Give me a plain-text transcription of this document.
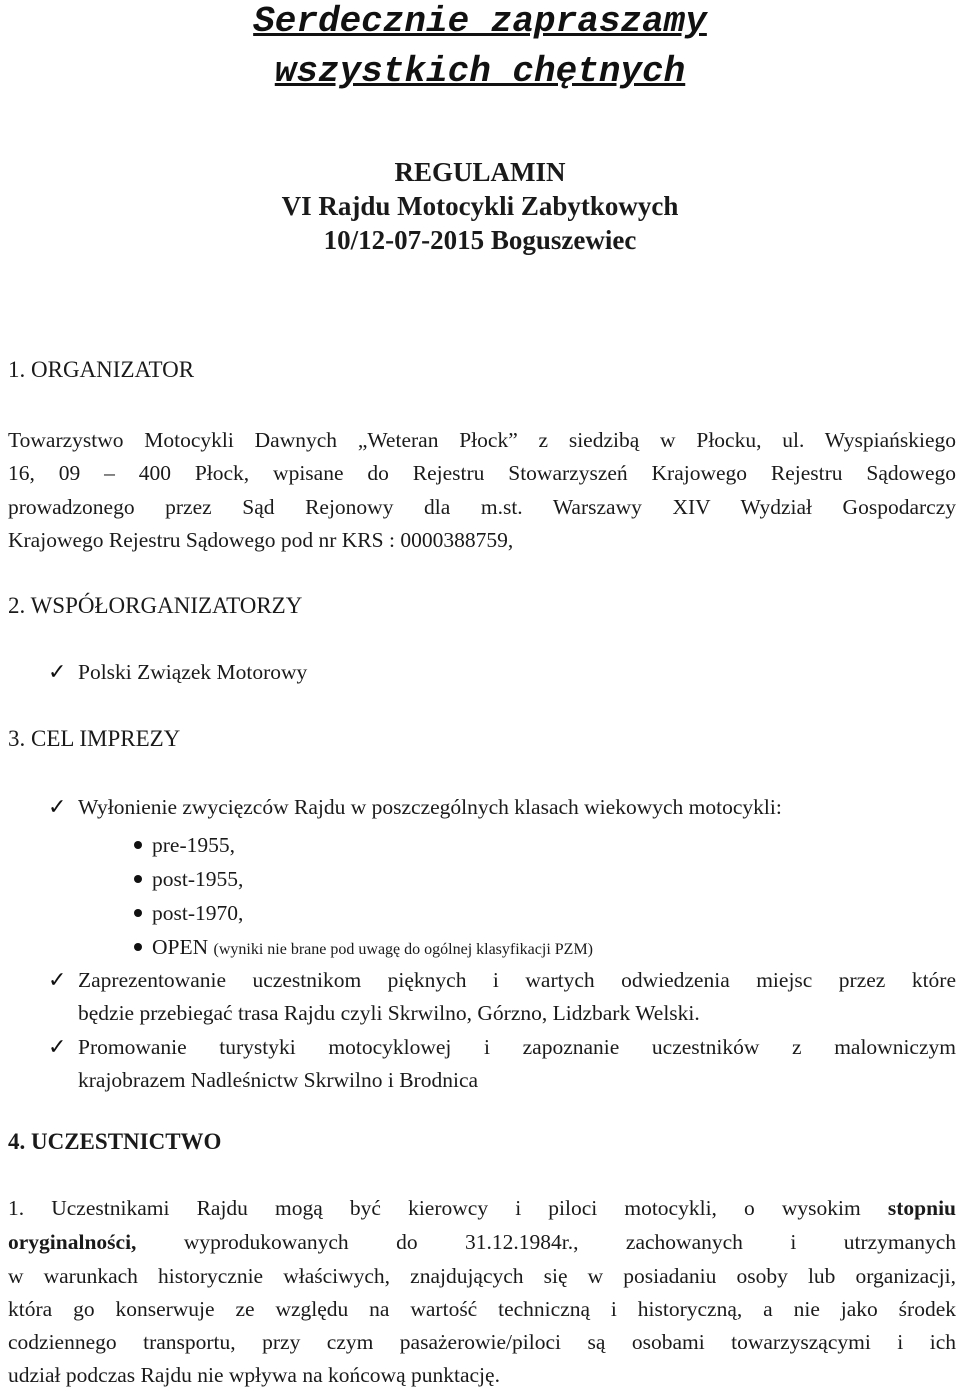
Serdecznie zapraszamy
wszystkich chętnych
REGULAMIN
VI Rajdu Motocykli Zabytkowych
10/12-07-2015 Boguszewiec
1. ORGANIZATOR
Towarzystwo Motocykli Dawnych „Weteran Płock” z siedzibą w Płocku, ul. Wyspiańskiego
16, 09 – 400 Płock, wpisane do Rejestru Stowarzyszeń Krajowego Rejestru Sądowego
prowadzonego przez Sąd Rejonowy dla m.st. Warszawy XIV Wydział Gospodarczy
Krajowego Rejestru Sądowego pod nr KRS : 0000388759,
2. WSPÓŁORGANIZATORZY
✓ Polski Związek Motorowy
3. CEL IMPREZY
✓ Wyłonienie zwycięzców Rajdu w poszczególnych klasach wiekowych motocykli:
pre-1955,
post-1955,
post-1970,
OPEN (wyniki nie brane pod uwagę do ogólnej klasyfikacji PZM)
✓ Zaprezentowanie uczestnikom pięknych i wartych odwiedzenia miejsc przez które
będzie przebiegać trasa Rajdu czyli Skrwilno, Górzno, Lidzbark Welski.
✓ Promowanie turystyki motocyklowej i zapoznanie uczestników z malowniczym
krajobrazem Nadleśnictw Skrwilno i Brodnica
4. UCZESTNICTWO
1. Uczestnikami Rajdu mogą być kierowcy i piloci motocykli, o wysokim stopniu
oryginalności, wyprodukowanych do 31.12.1984r., zachowanych i utrzymanych
w warunkach historycznie właściwych, znajdujących się w posiadaniu osoby lub organizacji,
która go konserwuje ze względu na wartość techniczną i historyczną, a nie jako środek
codziennego transportu, przy czym pasażerowie/piloci są osobami towarzyszącymi i ich
udział podczas Rajdu nie wpływa na końcową punktację.
